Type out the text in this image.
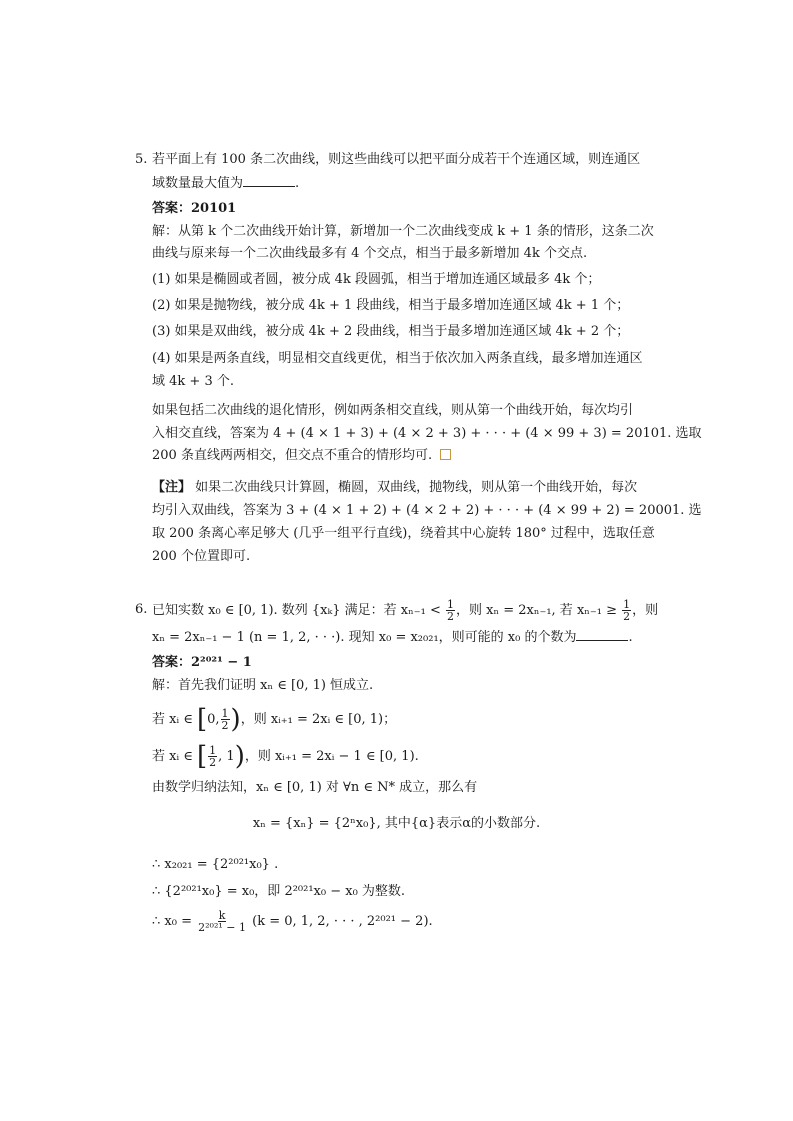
5. 若平面上有 100 条二次曲线，则这些曲线可以把平面分成若干个连通区域，则连通区
域数量最大值为	.
答案：20101
解：从第 k 个二次曲线开始计算，新增加一个二次曲线变成 k + 1 条的情形，这条二次
曲线与原来每一个二次曲线最多有 4 个交点，相当于最多新增加 4k 个交点.
(1) 如果是椭圆或者圆，被分成 4k 段圆弧，相当于增加连通区域最多 4k 个；
(2) 如果是抛物线，被分成 4k + 1 段曲线，相当于最多增加连通区域 4k + 1 个；
(3) 如果是双曲线，被分成 4k + 2 段曲线，相当于最多增加连通区域 4k + 2 个；
(4) 如果是两条直线，明显相交直线更优，相当于依次加入两条直线，最多增加连通区
域 4k + 3 个.
如果包括二次曲线的退化情形，例如两条相交直线，则从第一个曲线开始，每次均引
入相交直线，答案为 4 + (4 × 1 + 3) + (4 × 2 + 3) + · · · + (4 × 99 + 3) = 20101. 选取
200 条直线两两相交，但交点不重合的情形均可.
【注】 如果二次曲线只计算圆，椭圆，双曲线，抛物线，则从第一个曲线开始，每次
均引入双曲线，答案为 3 + (4 × 1 + 2) + (4 × 2 + 2) + · · · + (4 × 99 + 2) = 20001. 选
取 200 条离心率足够大 (几乎一组平行直线)，绕着其中心旋转 180° 过程中，选取任意
200 个位置即可.
6. 已知实数 x₀ ∈ [0, 1). 数列 {xₖ} 满足：若 $x_{n-1} < \frac{1}{2}$ ，则 xₙ = 2xₙ₋₁, 若 $x_{n-1} \ge \frac{1}{2}$ ，则
xₙ = 2xₙ₋₁ − 1 (n = 1, 2, · · ·). 现知 x₀ = x₂₀₂₁，则可能的 x₀ 的个数为	.
答案：2²⁰²¹ − 1
解：首先我们证明 xₙ ∈ [0, 1) 恒成立.
若 xᵢ ∈ [0, $\frac{1}{2}$ )，则 xᵢ₊₁ = 2xᵢ ∈ [0, 1)；
若 xᵢ ∈ [ $\frac{1}{2}$ , 1)，则 xᵢ₊₁ = 2xᵢ − 1 ∈ [0, 1).
由数学归纳法知，xₙ ∈ [0, 1) 对 ∀n ∈ N* 成立，那么有
xₙ = {xₙ} = {2ⁿx₀}, 其中{α}表示α的小数部分.
∴ x₂₀₂₁ = {2²⁰²¹x₀} .
∴ {2²⁰²¹x₀} = x₀，即 2²⁰²¹x₀ − x₀ 为整数.
∴ $x_0 = \frac{k}{\text{2²⁰²¹ − 1}} (k = 0$, 1, 2, · · · , 2²⁰²¹ − 2).
